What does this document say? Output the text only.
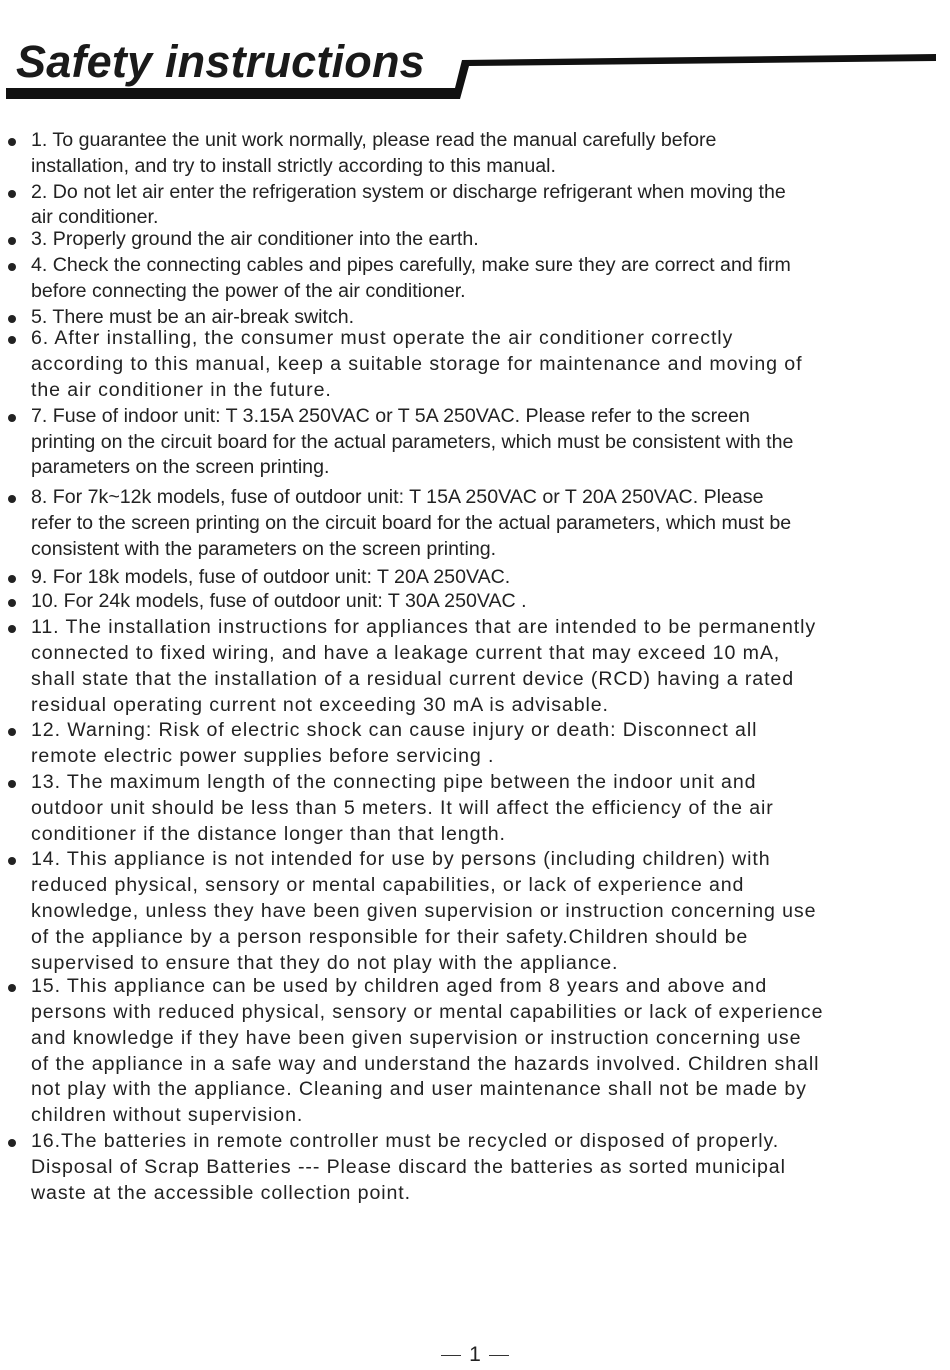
Safety instructions
1. To guarantee the unit work normally, please read the manual carefully before
installation, and try to install strictly according to this manual.
2. Do not let air enter the refrigeration system or discharge refrigerant when moving the
air conditioner.
3. Properly ground the air conditioner into the earth.
4. Check the connecting cables and pipes carefully, make sure they are correct and firm
before connecting the power of the air conditioner.
5. There must be an air-break switch.
6. After installing, the consumer must operate the air conditioner correctly
according to this manual, keep a suitable storage for maintenance and moving of
the air conditioner in the future.
7. Fuse of indoor unit: T 3.15A 250VAC or T 5A 250VAC. Please refer to the screen
printing on the circuit board for the actual parameters, which must be consistent with the
parameters on the screen printing.
8. For 7k~12k models, fuse of outdoor unit: T 15A 250VAC or T 20A 250VAC. Please
refer to the screen printing on the circuit board for the actual parameters, which must be
consistent with the parameters on the screen printing.
9. For 18k models, fuse of outdoor unit: T 20A 250VAC.
10. For 24k models, fuse of outdoor unit: T 30A 250VAC .
11. The installation instructions for appliances that are intended to be permanently
connected to fixed wiring, and have a leakage current that may exceed 10 mA,
shall state that the installation of a residual current device (RCD) having a rated
residual operating current not exceeding 30 mA is advisable.
12. Warning: Risk of electric shock can cause injury or death: Disconnect all
remote electric power supplies before servicing .
13. The maximum length of the connecting pipe between the indoor unit and
outdoor unit should be less than 5 meters. It will affect the efficiency of the air
conditioner if the distance longer than that length.
14. This appliance is not intended for use by persons (including children) with
reduced physical, sensory or mental capabilities, or lack of experience and
knowledge, unless they have been given supervision or instruction concerning use
of the appliance by a person responsible for their safety.Children should be
supervised to ensure that they do not play with the appliance.
15. This appliance can be used by children aged from 8 years and above and
persons with reduced physical, sensory or mental capabilities or lack of experience
and knowledge if they have been given supervision or instruction concerning use
of the appliance in a safe way and understand the hazards involved. Children shall
not play with the appliance. Cleaning and user maintenance shall not be made by
children without supervision.
16.The batteries in remote controller must be recycled or disposed of properly.
Disposal of Scrap Batteries --- Please discard the batteries as sorted municipal
waste at the accessible collection point.
1
